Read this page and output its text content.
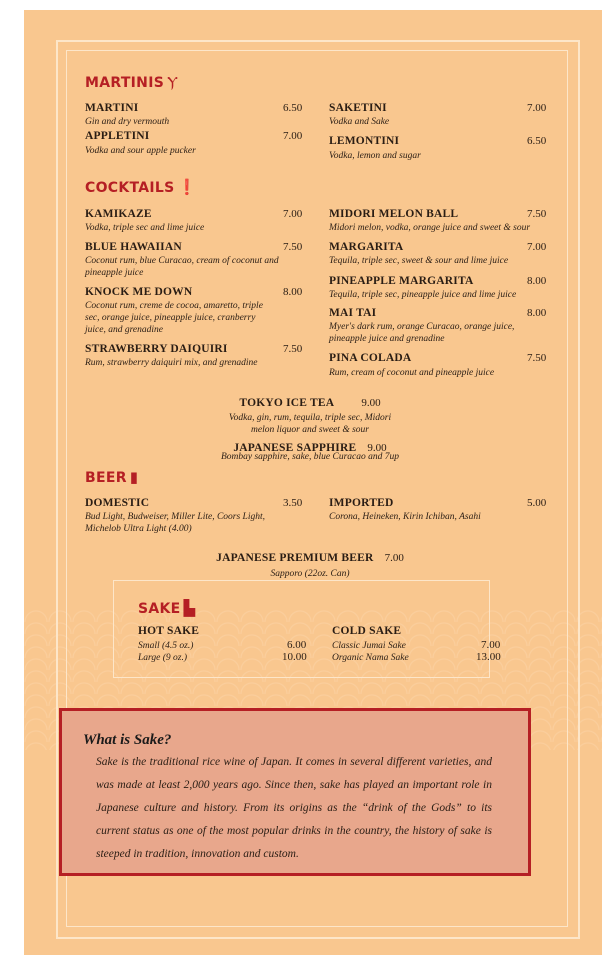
MARTINIS Ⲩ
MARTINI	6.50
Gin and dry vermouth
APPLETINI	7.00
Vodka and sour apple pucker
SAKETINI	7.00
Vodka and Sake
LEMONTINI	6.50
Vodka, lemon and sugar
COCKTAILS ❗
KAMIKAZE	7.00
Vodka, triple sec and lime juice
BLUE HAWAIIAN	7.50
Coconut rum, blue Curacao, cream of coconut and pineapple juice
KNOCK ME DOWN	8.00
Coconut rum, creme de cocoa, amaretto, triple sec, orange juice, pineapple juice, cranberry juice, and grenadine
STRAWBERRY DAIQUIRI	7.50
Rum, strawberry daiquiri mix, and grenadine
MIDORI MELON BALL	7.50
Midori melon, vodka, orange juice and sweet & sour
MARGARITA	7.00
Tequila, triple sec, sweet & sour and lime juice
PINEAPPLE MARGARITA	8.00
Tequila, triple sec, pineapple juice and lime juice
MAI TAI	8.00
Myer's dark rum, orange Curacao, orange juice, pineapple juice and grenadine
PINA COLADA	7.50
Rum, cream of coconut and pineapple juice
TOKYO ICE TEA 9.00
Vodka, gin, rum, tequila, triple sec, Midori melon liquor and sweet & sour
JAPANESE SAPPHIRE 9.00
Bombay sapphire, sake, blue Curacao and 7up
BEER ▮
DOMESTIC	3.50
Bud Light, Budweiser, Miller Lite, Coors Light, Michelob Ultra Light (4.00)
IMPORTED	5.00
Corona, Heineken, Kirin Ichiban, Asahi
JAPANESE PREMIUM BEER 7.00
Sapporo (22oz. Can)
SAKE ▙
HOT SAKE
Small (4.5 oz.)	6.00
Large (9 oz.)	10.00
COLD SAKE
Classic Jumai Sake	7.00
Organic Nama Sake	13.00
What is Sake?
Sake is the traditional rice wine of Japan. It comes in several different varieties, and was made at least 2,000 years ago. Since then, sake has played an important role in Japanese culture and history. From its origins as the “drink of the Gods” to its current status as one of the most popular drinks in the country, the history of sake is steeped in tradition, innovation and custom.
